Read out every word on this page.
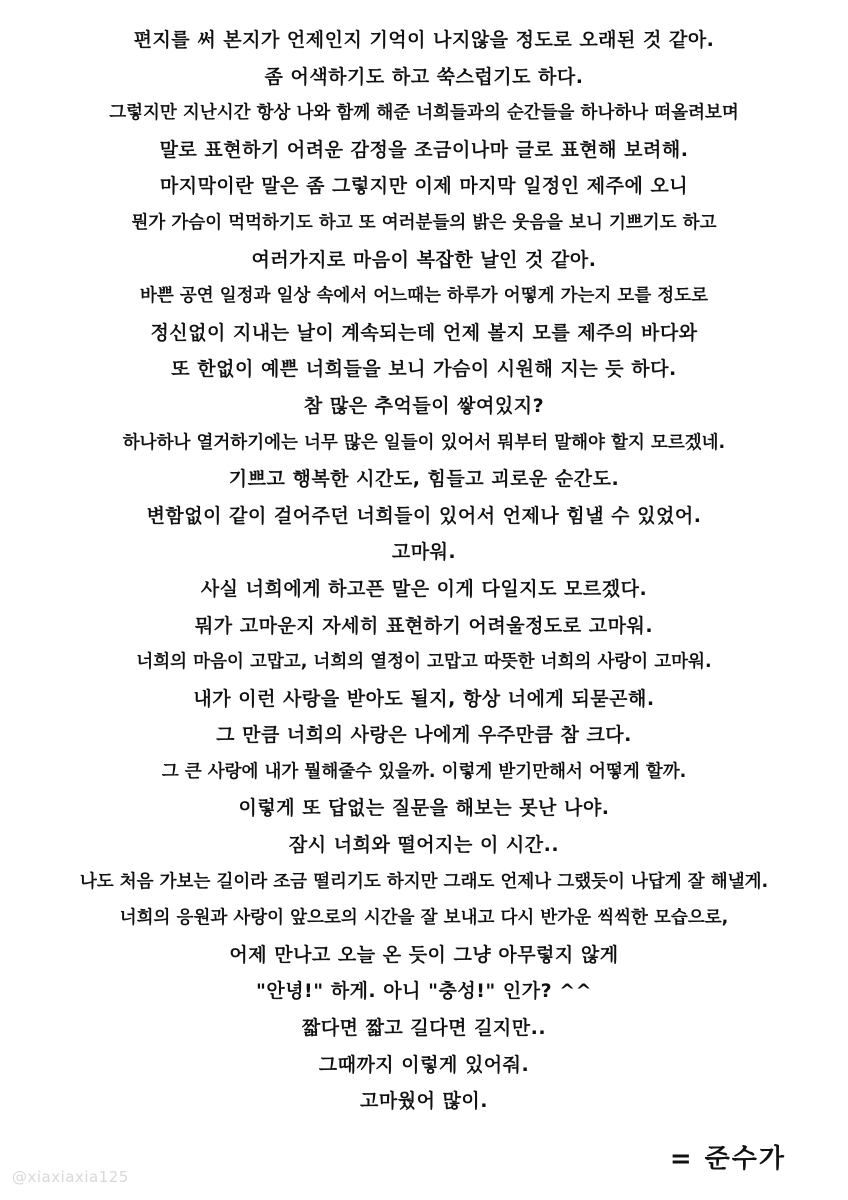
편지를 써 본지가 언제인지 기억이 나지않을 정도로 오래된 것 같아.
좀 어색하기도 하고 쑥스럽기도 하다.
그렇지만 지난시간 항상 나와 함께 해준 너희들과의 순간들을 하나하나 떠올려보며
말로 표현하기 어려운 감정을 조금이나마 글로 표현해 보려해.
마지막이란 말은 좀 그렇지만 이제 마지막 일정인 제주에 오니
뭔가 가슴이 먹먹하기도 하고 또 여러분들의 밝은 웃음을 보니 기쁘기도 하고
여러가지로 마음이 복잡한 날인 것 같아.
바쁜 공연 일정과 일상 속에서 어느때는 하루가 어떻게 가는지 모를 정도로
정신없이 지내는 날이 계속되는데 언제 볼지 모를 제주의 바다와
또 한없이 예쁜 너희들을 보니 가슴이 시원해 지는 듯 하다.
참 많은 추억들이 쌓여있지?
하나하나 열거하기에는 너무 많은 일들이 있어서 뭐부터 말해야 할지 모르겠네.
기쁘고 행복한 시간도, 힘들고 괴로운 순간도.
변함없이 같이 걸어주던 너희들이 있어서 언제나 힘낼 수 있었어.
고마워.
사실 너희에게 하고픈 말은 이게 다일지도 모르겠다.
뭐가 고마운지 자세히 표현하기 어려울정도로 고마워.
너희의 마음이 고맙고, 너희의 열정이 고맙고 따뜻한 너희의 사랑이 고마워.
내가 이런 사랑을 받아도 될지, 항상 너에게 되묻곤해.
그 만큼 너희의 사랑은 나에게 우주만큼 참 크다.
그 큰 사랑에 내가 뭘해줄수 있을까. 이렇게 받기만해서 어떻게 할까.
이렇게 또 답없는 질문을 해보는 못난 나야.
잠시 너희와 떨어지는 이 시간..
나도 처음 가보는 길이라 조금 떨리기도 하지만 그래도 언제나 그랬듯이 나답게 잘 해낼게.
너희의 응원과 사랑이 앞으로의 시간을 잘 보내고 다시 반가운 씩씩한 모습으로,
어제 만나고 오늘 온 듯이 그냥 아무렇지 않게
"안녕!" 하게. 아니 "충성!" 인가? ^^
짧다면 짧고 길다면 길지만..
그때까지 이렇게 있어줘.
고마웠어 많이.
= 준수가
@xiaxiaxia125
